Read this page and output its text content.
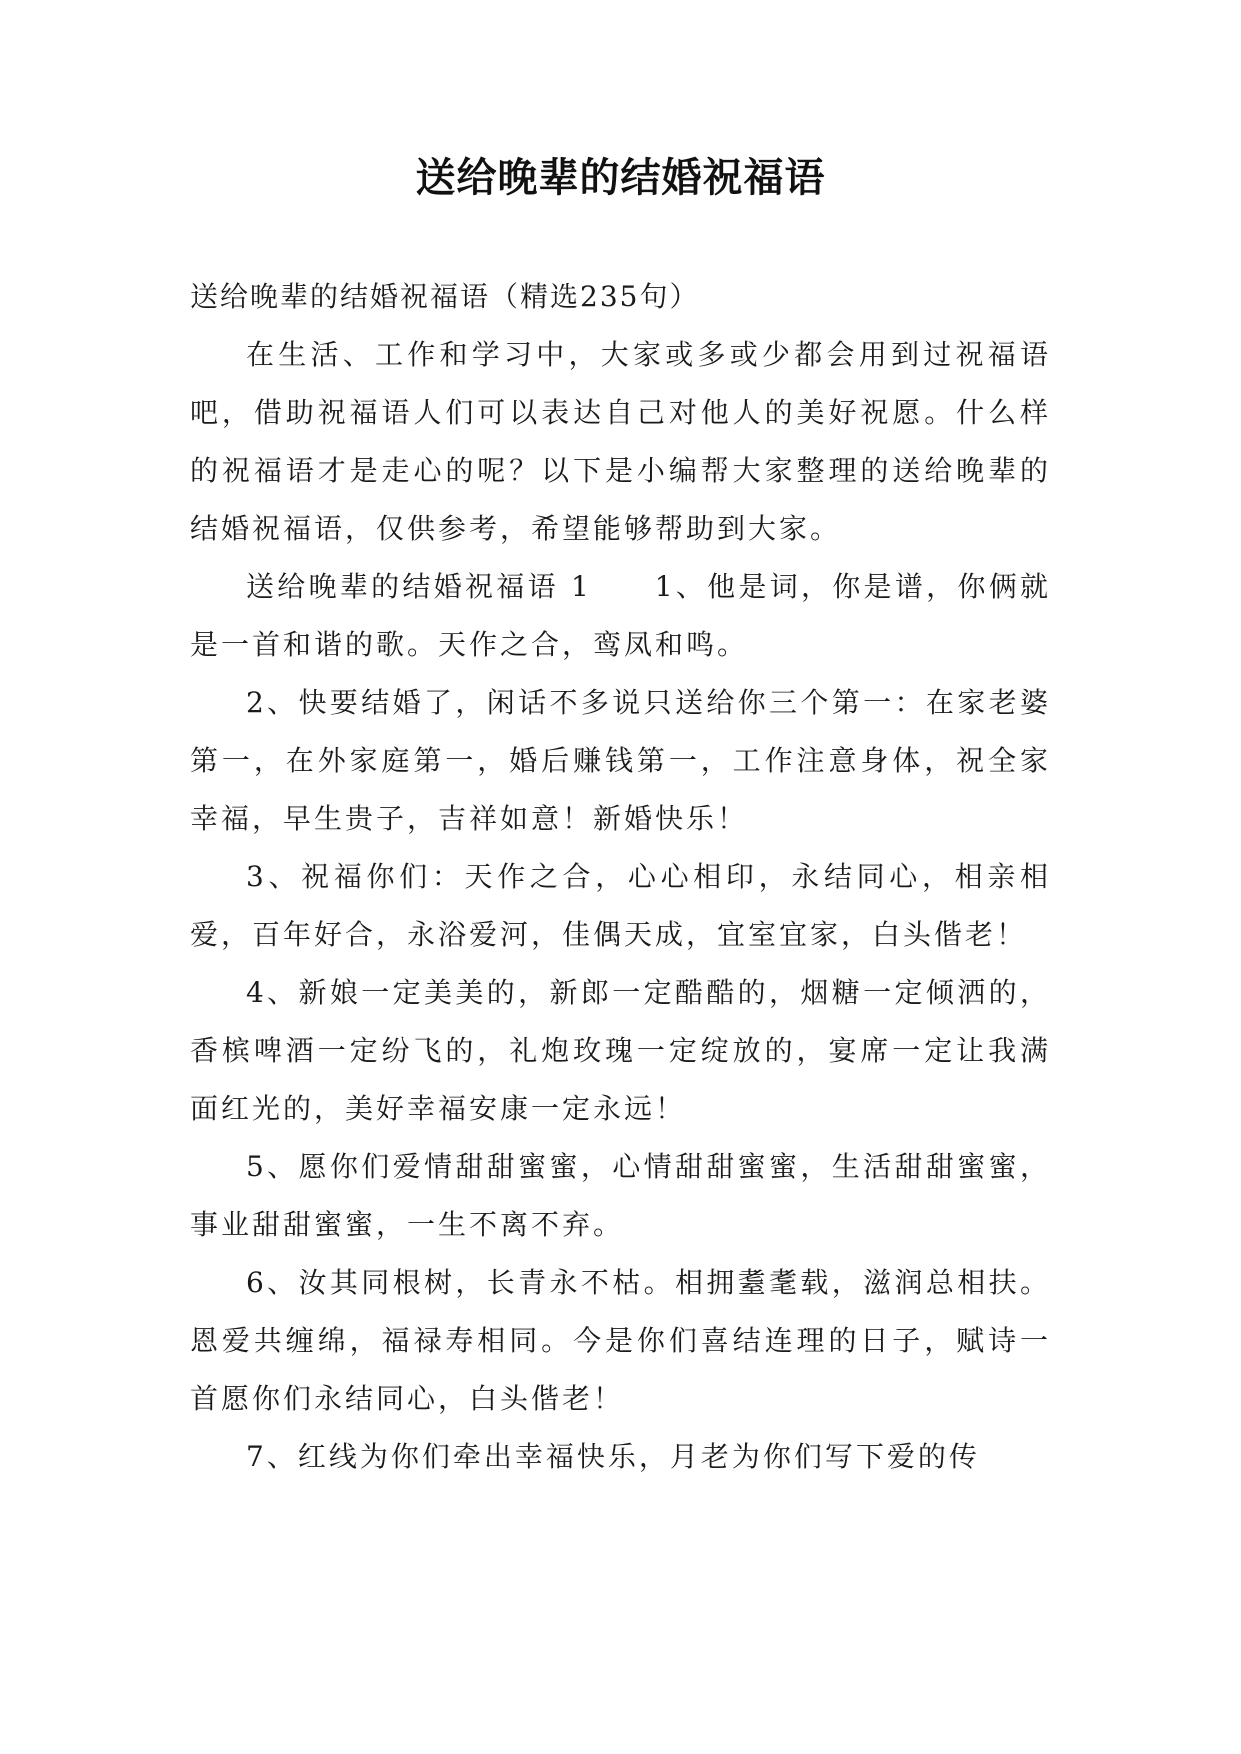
送给晚辈的结婚祝福语

送给晚辈的结婚祝福语（精选235句）

在生活、工作和学习中，大家或多或少都会用到过祝福语吧，借助祝福语人们可以表达自己对他人的美好祝愿。什么样的祝福语才是走心的呢？以下是小编帮大家整理的送给晚辈的结婚祝福语，仅供参考，希望能够帮助到大家。

送给晚辈的结婚祝福语 1　　1、他是词，你是谱，你俩就是一首和谐的歌。天作之合，鸾凤和鸣。

2、快要结婚了，闲话不多说只送给你三个第一：在家老婆第一，在外家庭第一，婚后赚钱第一，工作注意身体，祝全家幸福，早生贵子，吉祥如意！新婚快乐！

3、祝福你们：天作之合，心心相印，永结同心，相亲相爱，百年好合，永浴爱河，佳偶天成，宜室宜家，白头偕老！

4、新娘一定美美的，新郎一定酷酷的，烟糖一定倾洒的，香槟啤酒一定纷飞的，礼炮玫瑰一定绽放的，宴席一定让我满面红光的，美好幸福安康一定永远！

5、愿你们爱情甜甜蜜蜜，心情甜甜蜜蜜，生活甜甜蜜蜜，事业甜甜蜜蜜，一生不离不弃。

6、汝其同根树，长青永不枯。相拥耋耄载，滋润总相扶。恩爱共缠绵，福禄寿相同。今是你们喜结连理的日子，赋诗一首愿你们永结同心，白头偕老！

7、红线为你们牵出幸福快乐，月老为你们写下爱的传
